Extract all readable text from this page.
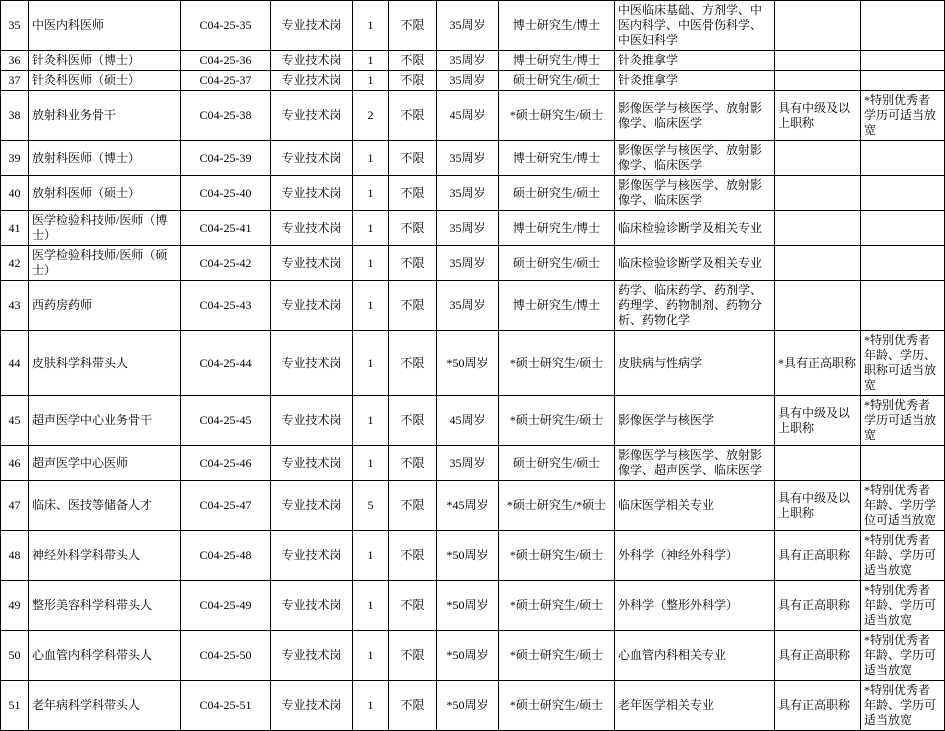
35	中医内科医师	C04-25-35	专业技术岗	1	不限	35周岁	博士研究生/博士	中医临床基础、方剂学、中医内科学、中医骨伤科学、中医妇科学		
36	针灸科医师（博士）	C04-25-36	专业技术岗	1	不限	35周岁	博士研究生/博士	针灸推拿学		
37	针灸科医师（硕士）	C04-25-37	专业技术岗	1	不限	35周岁	硕士研究生/硕士	针灸推拿学		
38	放射科业务骨干	C04-25-38	专业技术岗	2	不限	45周岁	*硕士研究生/硕士	影像医学与核医学、放射影像学、临床医学	具有中级及以上职称	*特别优秀者学历可适当放宽
39	放射科医师（博士）	C04-25-39	专业技术岗	1	不限	35周岁	博士研究生/博士	影像医学与核医学、放射影像学、临床医学		
40	放射科医师（硕士）	C04-25-40	专业技术岗	1	不限	35周岁	硕士研究生/硕士	影像医学与核医学、放射影像学、临床医学		
41	医学检验科技师/医师（博士）	C04-25-41	专业技术岗	1	不限	35周岁	博士研究生/博士	临床检验诊断学及相关专业		
42	医学检验科技师/医师（硕士）	C04-25-42	专业技术岗	1	不限	35周岁	硕士研究生/硕士	临床检验诊断学及相关专业		
43	西药房药师	C04-25-43	专业技术岗	1	不限	35周岁	博士研究生/博士	药学、临床药学、药剂学、药理学、药物制剂、药物分析、药物化学		
44	皮肤科学科带头人	C04-25-44	专业技术岗	1	不限	*50周岁	*硕士研究生/硕士	皮肤病与性病学	*具有正高职称	*特别优秀者年龄、学历、职称可适当放宽
45	超声医学中心业务骨干	C04-25-45	专业技术岗	1	不限	45周岁	*硕士研究生/硕士	影像医学与核医学	具有中级及以上职称	*特别优秀者学历可适当放宽
46	超声医学中心医师	C04-25-46	专业技术岗	1	不限	35周岁	硕士研究生/硕士	影像医学与核医学、放射影像学、超声医学、临床医学		
47	临床、医技等储备人才	C04-25-47	专业技术岗	5	不限	*45周岁	*硕士研究生/*硕士	临床医学相关专业	具有中级及以上职称	*特别优秀者年龄、学历学位可适当放宽
48	神经外科学科带头人	C04-25-48	专业技术岗	1	不限	*50周岁	*硕士研究生/硕士	外科学（神经外科学）	具有正高职称	*特别优秀者年龄、学历可适当放宽
49	整形美容科学科带头人	C04-25-49	专业技术岗	1	不限	*50周岁	*硕士研究生/硕士	外科学（整形外科学）	具有正高职称	*特别优秀者年龄、学历可适当放宽
50	心血管内科学科带头人	C04-25-50	专业技术岗	1	不限	*50周岁	*硕士研究生/硕士	心血管内科相关专业	具有正高职称	*特别优秀者年龄、学历可适当放宽
51	老年病科学科带头人	C04-25-51	专业技术岗	1	不限	*50周岁	*硕士研究生/硕士	老年医学相关专业	具有正高职称	*特别优秀者年龄、学历可适当放宽
